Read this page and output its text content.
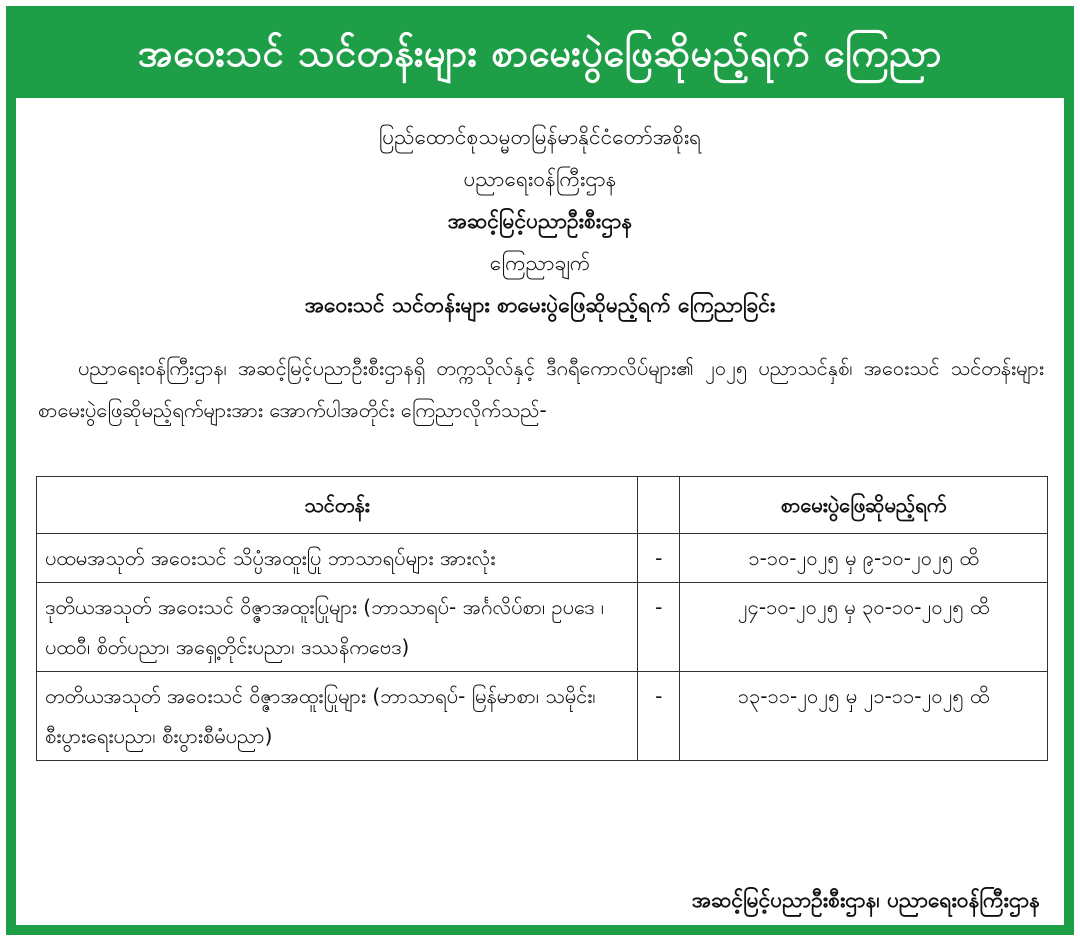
အဝေးသင် သင်တန်းများ စာမေးပွဲဖြေဆိုမည့်ရက် ကြေညာ
ပြည်ထောင်စုသမ္မတမြန်မာနိုင်ငံတော်အစိုးရ
ပညာရေးဝန်ကြီးဌာန
အဆင့်မြင့်ပညာဦးစီးဌာန
ကြေညာချက်
အဝေးသင် သင်တန်းများ စာမေးပွဲဖြေဆိုမည့်ရက် ကြေညာခြင်း
ပညာရေးဝန်ကြီးဌာန၊ အဆင့်မြင့်ပညာဦးစီးဌာနရှိ တက္ကသိုလ်နှင့် ဒီဂရီကောလိပ်များ၏ ၂၀၂၅ ပညာသင်နှစ်၊ အဝေးသင် သင်တန်းများ စာမေးပွဲဖြေဆိုမည့်ရက်များအား အောက်ပါအတိုင်း ကြေညာလိုက်သည်-
သင်တန်း		စာမေးပွဲဖြေဆိုမည့်ရက်
ပထမအသုတ် အဝေးသင် သိပ္ပံအထူးပြု ဘာသာရပ်များ အားလုံး	-	၁-၁၀-၂၀၂၅ မှ ၉-၁၀-၂၀၂၅ ထိ
ဒုတိယအသုတ် အဝေးသင် ဝိဇ္ဇာအထူးပြုများ (ဘာသာရပ်- အင်္ဂလိပ်စာ၊ ဥပဒေ ၊ ပထဝီ၊ စိတ်ပညာ၊ အရှေ့တိုင်းပညာ၊ ဒဿနိကဗေဒ)	-	၂၄-၁၀-၂၀၂၅ မှ ၃၀-၁၀-၂၀၂၅ ထိ
တတိယအသုတ် အဝေးသင် ဝိဇ္ဇာအထူးပြုများ (ဘာသာရပ်- မြန်မာစာ၊ သမိုင်း၊ စီးပွားရေးပညာ၊ စီးပွားစီမံပညာ)	-	၁၃-၁၁-၂၀၂၅ မှ ၂၁-၁၁-၂၀၂၅ ထိ
အဆင့်မြင့်ပညာဦးစီးဌာန၊ ပညာရေးဝန်ကြီးဌာန
